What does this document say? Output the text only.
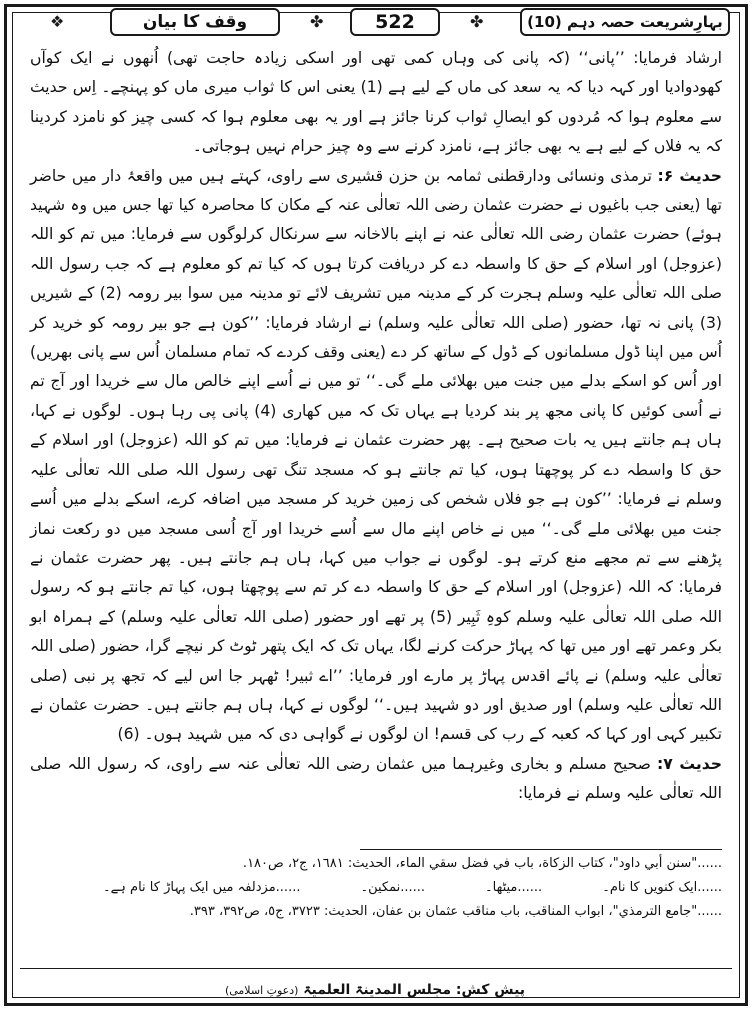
❖	وقف کا بیان	✤	522	✤	بہارِشریعت حصہ دہم (10)

ارشاد فرمایا: ’’پانی‘‘ (کہ پانی کی وہاں کمی تھی اور اسکی زیادہ حاجت تھی) اُنھوں نے ایک کوآں کھودوادیا اور کہہ دیا کہ یہ سعد کی ماں کے لیے ہے (1) یعنی اس کا ثواب میری ماں کو پہنچے۔ اِس حدیث سے معلوم ہوا کہ مُردوں کو ایصالِ ثواب کرنا جائز ہے اور یہ بھی معلوم ہوا کہ کسی چیز کو نامزد کردینا کہ یہ فلاں کے لیے ہے یہ بھی جائز ہے، نامزد کرنے سے وہ چیز حرام نہیں ہوجاتی۔

حدیث ۶: ترمذی ونسائی ودارقطنی ثمامہ بن حزن قشیری سے راوی، کہتے ہیں میں واقعۂ دار میں حاضر تھا (یعنی جب باغیوں نے حضرت عثمان رضی اللہ تعالٰی عنہ کے مکان کا محاصرہ کیا تھا جس میں وہ شہید ہوئے) حضرت عثمان رضی اللہ تعالٰی عنہ نے اپنے بالاخانہ سے سرنکال کرلوگوں سے فرمایا: میں تم کو اللہ (عزوجل) اور اسلام کے حق کا واسطہ دے کر دریافت کرتا ہوں کہ کیا تم کو معلوم ہے کہ جب رسول اللہ صلی اللہ تعالٰی علیہ وسلم ہجرت کر کے مدینہ میں تشریف لائے تو مدینہ میں سوا بیر رومہ (2) کے شیریں (3) پانی نہ تھا، حضور (صلی اللہ تعالٰی علیہ وسلم) نے ارشاد فرمایا: ’’کون ہے جو بیر رومہ کو خرید کر اُس میں اپنا ڈول مسلمانوں کے ڈول کے ساتھ کر دے (یعنی وقف کردے کہ تمام مسلمان اُس سے پانی بھریں) اور اُس کو اسکے بدلے میں جنت میں بھلائی ملے گی۔‘‘ تو میں نے اُسے اپنے خالص مال سے خریدا اور آج تم نے اُسی کوئیں کا پانی مجھ پر بند کردیا ہے یہاں تک کہ میں کھاری (4) پانی پی رہا ہوں۔ لوگوں نے کہا، ہاں ہم جانتے ہیں یہ بات صحیح ہے۔ پھر حضرت عثمان نے فرمایا: میں تم کو اللہ (عزوجل) اور اسلام کے حق کا واسطہ دے کر پوچھتا ہوں، کیا تم جانتے ہو کہ مسجد تنگ تھی رسول اللہ صلی اللہ تعالٰی علیہ وسلم نے فرمایا: ’’کون ہے جو فلاں شخص کی زمین خرید کر مسجد میں اضافہ کرے، اسکے بدلے میں اُسے جنت میں بھلائی ملے گی۔‘‘ میں نے خاص اپنے مال سے اُسے خریدا اور آج اُسی مسجد میں دو رکعت نماز پڑھنے سے تم مجھے منع کرتے ہو۔ لوگوں نے جواب میں کہا، ہاں ہم جانتے ہیں۔ پھر حضرت عثمان نے فرمایا: کہ اللہ (عزوجل) اور اسلام کے حق کا واسطہ دے کر تم سے پوچھتا ہوں، کیا تم جانتے ہو کہ رسول اللہ صلی اللہ تعالٰی علیہ وسلم کوہِ ثَبِیر (5) پر تھے اور حضور (صلی اللہ تعالٰی علیہ وسلم) کے ہمراہ ابو بکر وعمر تھے اور میں تھا کہ پہاڑ حرکت کرنے لگا، یہاں تک کہ ایک پتھر ٹوٹ کر نیچے گرا، حضور (صلی اللہ تعالٰی علیہ وسلم) نے پائے اقدس پہاڑ پر مارے اور فرمایا: ’’اے ثبیر! ٹھہر جا اس لیے کہ تجھ پر نبی (صلی اللہ تعالٰی علیہ وسلم) اور صدیق اور دو شہید ہیں۔‘‘ لوگوں نے کہا، ہاں ہم جانتے ہیں۔ حضرت عثمان نے تکبیر کہی اور کہا کہ کعبہ کے رب کی قسم! ان لوگوں نے گواہی دی کہ میں شہید ہوں۔ (6)

حدیث ۷: صحیح مسلم و بخاری وغیرہما میں عثمان رضی اللہ تعالٰی عنہ سے راوی، کہ رسول اللہ صلی اللہ تعالٰی علیہ وسلم نے فرمایا:

......"سنن أبي داود"، كتاب الزكاة، باب في فضل سقي الماء، الحديث: ١٦٨١، ج٢، ص١٨٠.
......ایک کنویں کا نام۔
......میٹھا۔
......نمکین۔
......مزدلفہ میں ایک پہاڑ کا نام ہے۔
......"جامع الترمذي"، ابواب المناقب، باب مناقب عثمان بن عفان، الحديث: ٣٧٢٣، ج٥، ص٣٩٢، ٣٩٣.
پیش کش: مجلس المدینۃ العلمیۃ (دعوتِ اسلامی)
